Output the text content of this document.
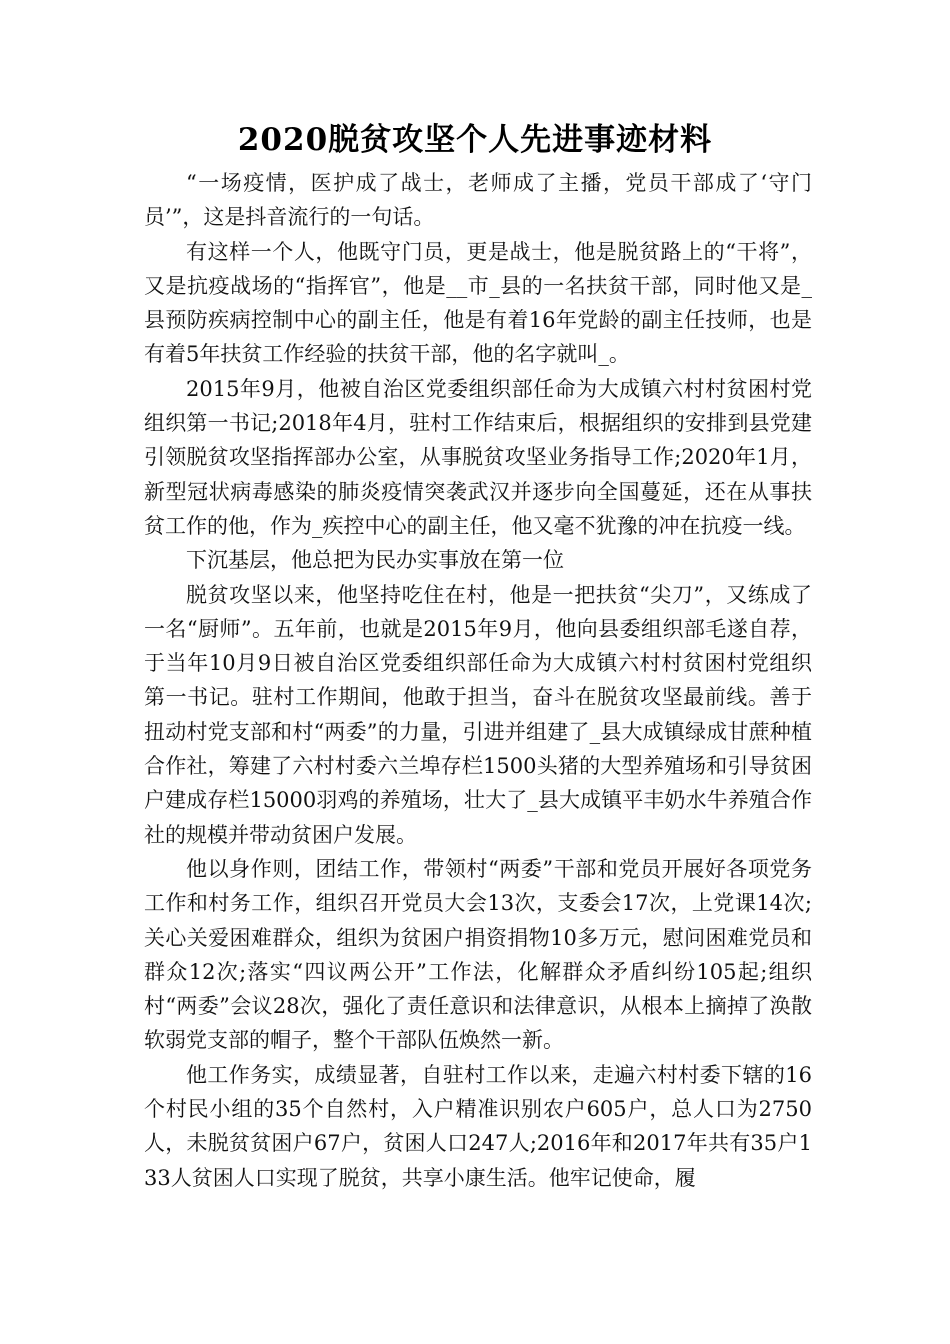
2020脱贫攻坚个人先进事迹材料

“一场疫情，医护成了战士，老师成了主播，党员干部成了‘守门员’”，这是抖音流行的一句话。

有这样一个人，他既守门员，更是战士，他是脱贫路上的“干将”，又是抗疫战场的“指挥官”，他是__市_县的一名扶贫干部，同时他又是_县预防疾病控制中心的副主任，他是有着16年党龄的副主任技师，也是有着5年扶贫工作经验的扶贫干部，他的名字就叫_。

2015年9月，他被自治区党委组织部任命为大成镇六村村贫困村党组织第一书记;2018年4月，驻村工作结束后，根据组织的安排到县党建引领脱贫攻坚指挥部办公室，从事脱贫攻坚业务指导工作;2020年1月，新型冠状病毒感染的肺炎疫情突袭武汉并逐步向全国蔓延，还在从事扶贫工作的他，作为_疾控中心的副主任，他又毫不犹豫的冲在抗疫一线。

下沉基层，他总把为民办实事放在第一位

脱贫攻坚以来，他坚持吃住在村，他是一把扶贫“尖刀”，又练成了一名“厨师”。五年前，也就是2015年9月，他向县委组织部毛遂自荐，于当年10月9日被自治区党委组织部任命为大成镇六村村贫困村党组织第一书记。驻村工作期间，他敢于担当，奋斗在脱贫攻坚最前线。善于扭动村党支部和村“两委”的力量，引进并组建了_县大成镇绿成甘蔗种植合作社，筹建了六村村委六兰埠存栏1500头猪的大型养殖场和引导贫困户建成存栏15000羽鸡的养殖场，壮大了_县大成镇平丰奶水牛养殖合作社的规模并带动贫困户发展。

他以身作则，团结工作，带领村“两委”干部和党员开展好各项党务工作和村务工作，组织召开党员大会13次，支委会17次，上党课14次;关心关爱困难群众，组织为贫困户捐资捐物10多万元，慰问困难党员和群众12次;落实“四议两公开”工作法，化解群众矛盾纠纷105起;组织村“两委”会议28次，强化了责任意识和法律意识，从根本上摘掉了涣散软弱党支部的帽子，整个干部队伍焕然一新。

他工作务实，成绩显著，自驻村工作以来，走遍六村村委下辖的16个村民小组的35个自然村，入户精准识别农户605户，总人口为2750人，未脱贫贫困户67户，贫困人口247人;2016年和2017年共有35户133人贫困人口实现了脱贫，共享小康生活。他牢记使命，履
